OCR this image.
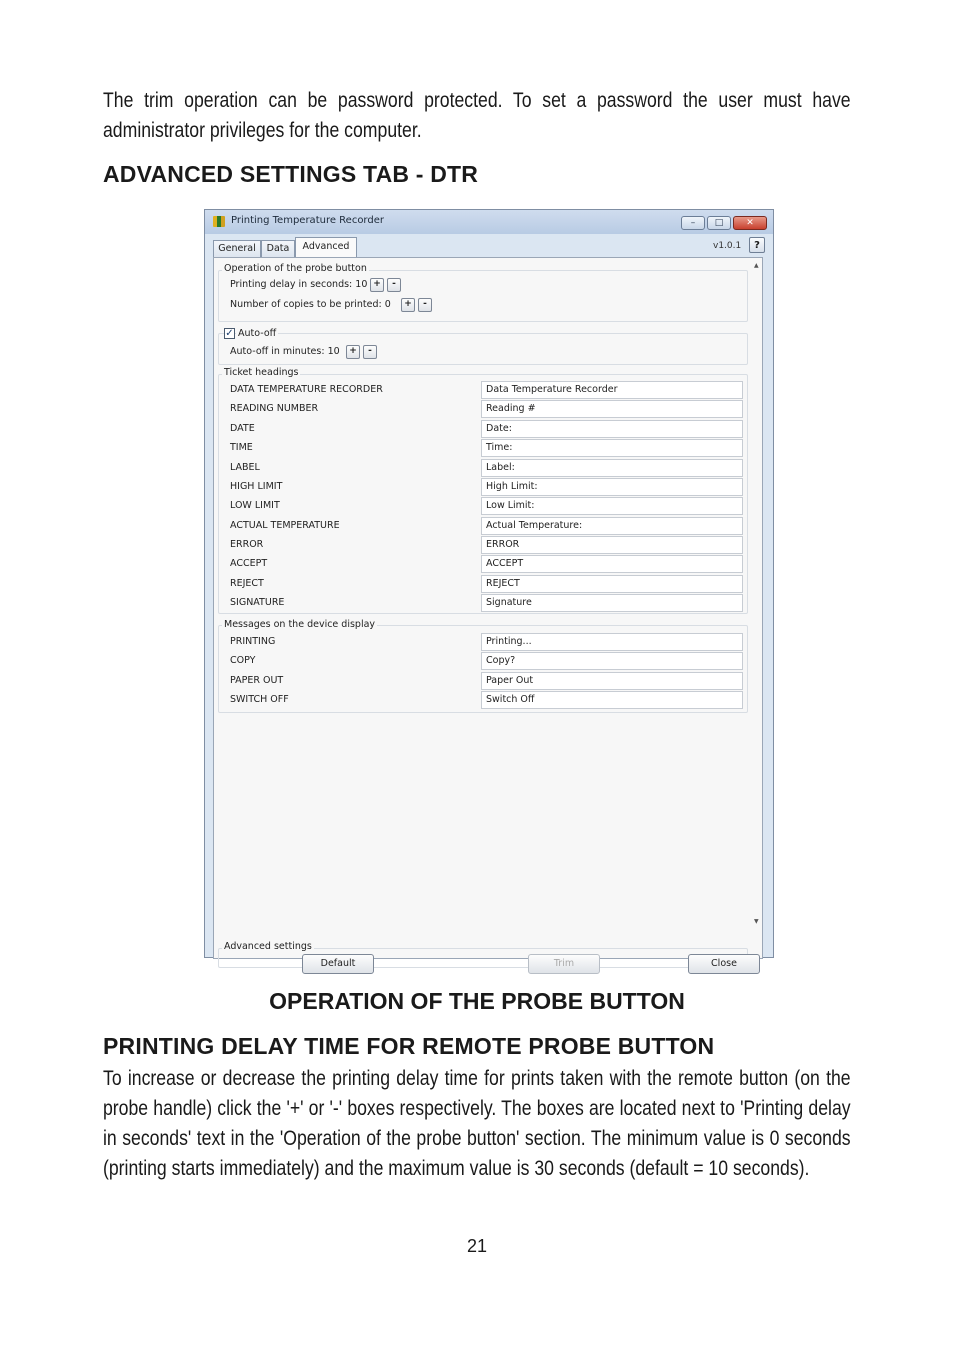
The trim operation can be password protected. To set a password the user must have administrator privileges for the computer.

ADVANCED SETTINGS TAB - DTR
Printing Temperature Recorder	–	□	✕
General	Data	Advanced	v1.0.1	?
▲
▼
Operation of the probe button
Printing delay in seconds: 10 +	-
Number of copies to be printed: 0	+	-
✓ Auto-off
Auto-off in minutes: 10	+	-
Ticket headings
DATA TEMPERATURE RECORDER	Data Temperature Recorder
READING NUMBER	Reading #
DATE	Date:
TIME	Time:
LABEL	Label:
HIGH LIMIT	High Limit:
LOW LIMIT	Low Limit:
ACTUAL TEMPERATURE	Actual Temperature:
ERROR	ERROR
ACCEPT	ACCEPT
REJECT	REJECT
SIGNATURE	Signature
Messages on the device display
PRINTING	Printing...
COPY	Copy?
PAPER OUT	Paper Out
SWITCH OFF	Switch Off
Advanced settings
Default	Trim	Close
OPERATION OF THE PROBE BUTTON
PRINTING DELAY TIME FOR REMOTE PROBE BUTTON

To increase or decrease the printing delay time for prints taken with the remote button (on the probe handle) click the '+' or '-' boxes respectively. The boxes are located next to 'Printing delay in seconds' text in the 'Operation of the probe button' section. The minimum value is 0 seconds (printing starts immediately) and the maximum value is 30 seconds (default = 10 seconds).

21
